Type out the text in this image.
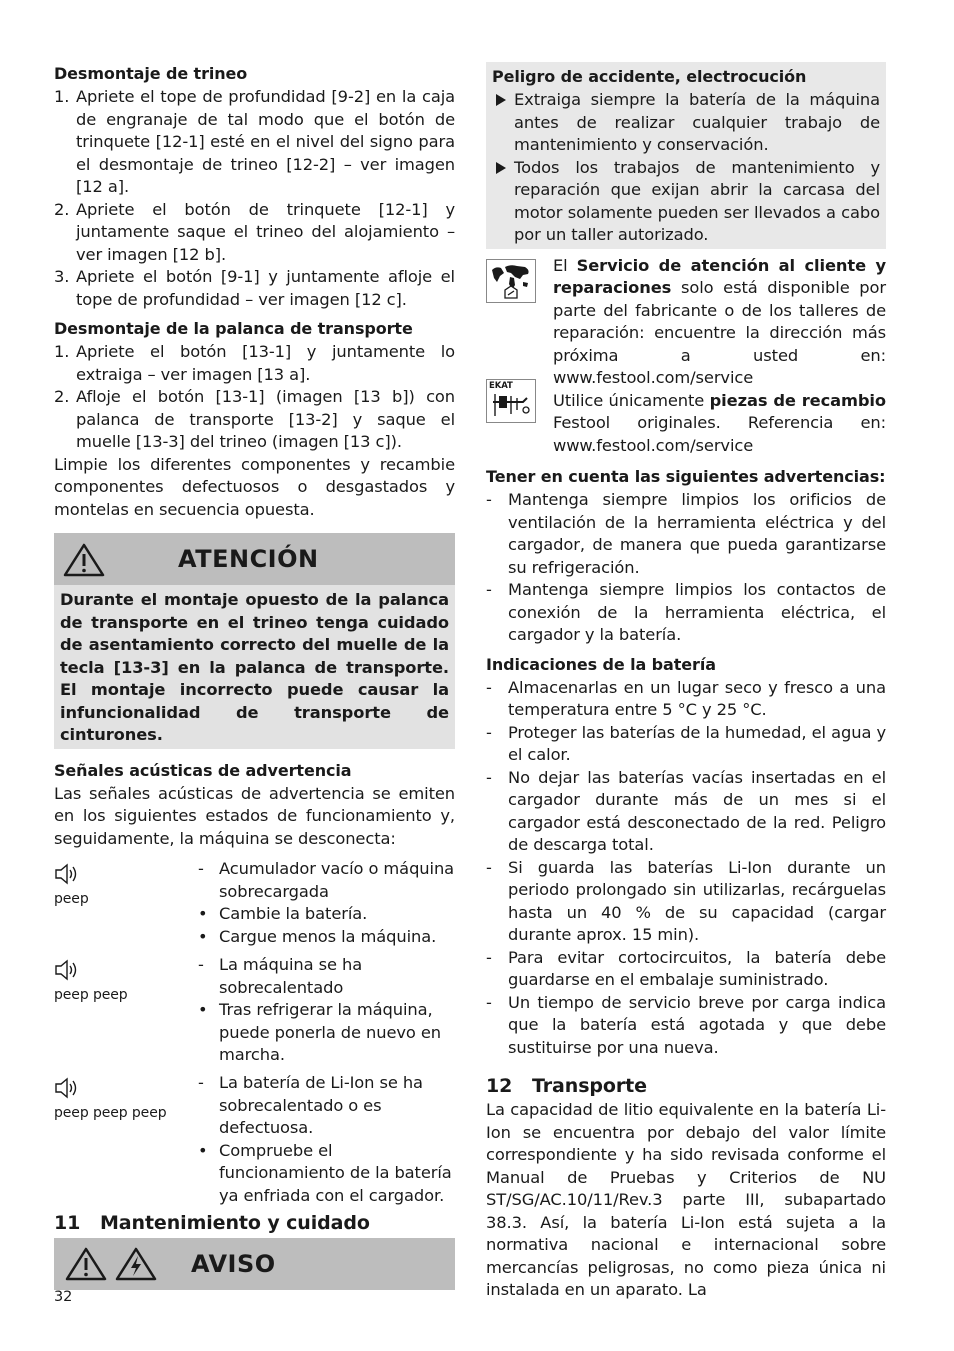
Desmontaje de trineo

1. Apriete el tope de profundidad [9-2] en la caja de engranaje de tal modo que el botón de trinquete [12-1] esté en el nivel del signo para el desmontaje de trineo [12-2] – ver imagen [12 a].

2. Apriete el botón de trinquete [12-1] y juntamente saque el trineo del alojamiento – ver imagen [12 b].

3. Apriete el botón [9-1] y juntamente afloje el tope de profundidad – ver imagen [12 c].

Desmontaje de la palanca de transporte

1. Apriete el botón [13-1] y juntamente lo extraiga – ver imagen [13 a].

2. Afloje el botón [13-1] (imagen [13 b]) con palanca de transporte [13-2] y saque el muelle [13-3] del trineo (imagen [13 c]).

Limpie los diferentes componentes y recambie componentes defectuosos o desgastados y montelas en secuencia opuesta.

ATENCIÓN
Durante el montaje opuesto de la palanca de transporte en el trineo tenga cuidado de asentamiento correcto del muelle de la tecla [13-3] en la palanca de transporte. El montaje incorrecto puede causar la infuncionalidad de transporte de cinturones.

Señales acústicas de advertencia

Las señales acústicas de advertencia se emiten en los siguientes estados de funcionamiento y, seguidamente, la máquina se desconecta:

peep

- Acumulador vacío o máquina sobrecargada

• Cambie la batería.

• Cargue menos la máquina.

peep peep

- La máquina se ha sobrecalentado

• Tras refrigerar la máquina, puede ponerla de nuevo en marcha.

peep peep peep

- La batería de Li-Ion se ha sobrecalentado o es defectuosa.

• Compruebe el funcionamiento de la batería ya enfriada con el cargador.

11 Mantenimiento y cuidado

AVISO

Peligro de accidente, electrocución

Extraiga siempre la batería de la máquina antes de realizar cualquier trabajo de mantenimiento y conservación.

Todos los trabajos de mantenimiento y reparación que exijan abrir la carcasa del motor solamente pueden ser llevados a cabo por un taller autorizado.

El Servicio de atención al cliente y reparaciones solo está disponible por parte del fabricante o de los talleres de reparación: encuentre la dirección más próxima a usted en: www.festool.com/service

EKAT

Utilice únicamente piezas de recambio Festool originales. Referencia en: www.festool.com/service

Tener en cuenta las siguientes advertencias:

- Mantenga siempre limpios los orificios de ventilación de la herramienta eléctrica y del cargador, de manera que pueda garantizarse su refrigeración.

- Mantenga siempre limpios los contactos de conexión de la herramienta eléctrica, el cargador y la batería.

Indicaciones de la batería

- Almacenarlas en un lugar seco y fresco a una temperatura entre 5 °C y 25 °C.

- Proteger las baterías de la humedad, el agua y el calor.

- No dejar las baterías vacías insertadas en el cargador durante más de un mes si el cargador está desconectado de la red. Peligro de descarga total.

- Si guarda las baterías Li-Ion durante un periodo prolongado sin utilizarlas, recárguelas hasta un 40 % de su capacidad (cargar durante aprox. 15 min).

- Para evitar cortocircuitos, la batería debe guardarse en el embalaje suministrado.

- Un tiempo de servicio breve por carga indica que la batería está agotada y que debe sustituirse por una nueva.

12 Transporte

La capacidad de litio equivalente en la batería Li-Ion se encuentra por debajo del valor límite correspondiente y ha sido revisada conforme el Manual de Pruebas y Criterios de NU ST/SG/AC.10/11/Rev.3 parte III, subapartado 38.3. Así, la batería Li-Ion está sujeta a la normativa nacional e internacional sobre mercancías peligrosas, no como pieza única ni instalada en un aparato. La

32
